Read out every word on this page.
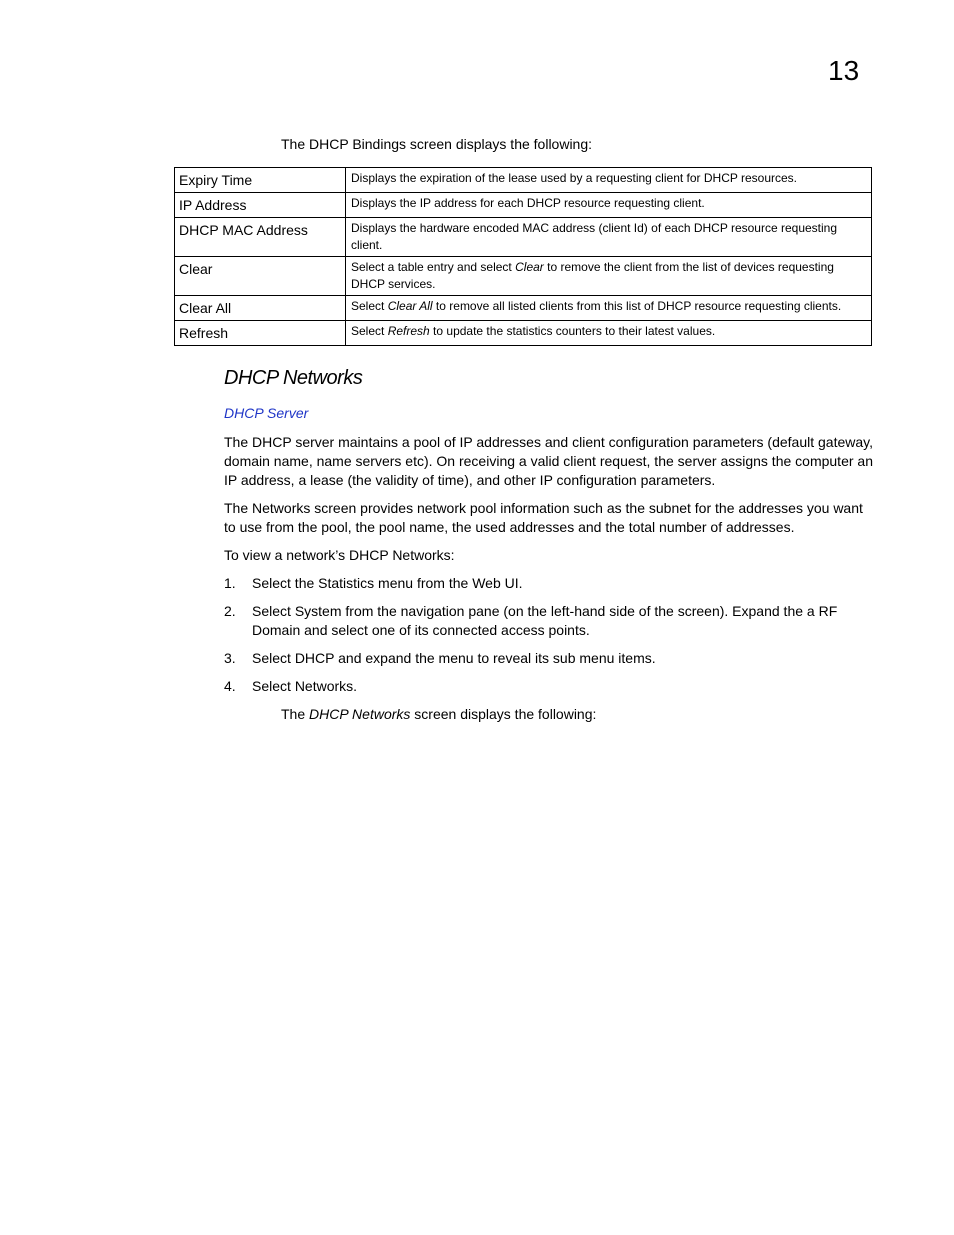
13
The DHCP Bindings screen displays the following:
Expiry Time	Displays the expiration of the lease used by a requesting client for DHCP resources.
IP Address	Displays the IP address for each DHCP resource requesting client.
DHCP MAC Address	Displays the hardware encoded MAC address (client Id) of each DHCP resource requesting client.
Clear	Select a table entry and select Clear to remove the client from the list of devices requesting DHCP services.
Clear All	Select Clear All to remove all listed clients from this list of DHCP resource requesting clients.
Refresh	Select Refresh to update the statistics counters to their latest values.
DHCP Networks
DHCP Server
The DHCP server maintains a pool of IP addresses and client configuration parameters (default gateway, domain name, name servers etc). On receiving a valid client request, the server assigns the computer an IP address, a lease (the validity of time), and other IP configuration parameters.
The Networks screen provides network pool information such as the subnet for the addresses you want to use from the pool, the pool name, the used addresses and the total number of addresses.
To view a network’s DHCP Networks:
1. Select the Statistics menu from the Web UI.
2. Select System from the navigation pane (on the left-hand side of the screen). Expand the a RF Domain and select one of its connected access points.
3. Select DHCP and expand the menu to reveal its sub menu items.
4. Select Networks.
The DHCP Networks screen displays the following:
